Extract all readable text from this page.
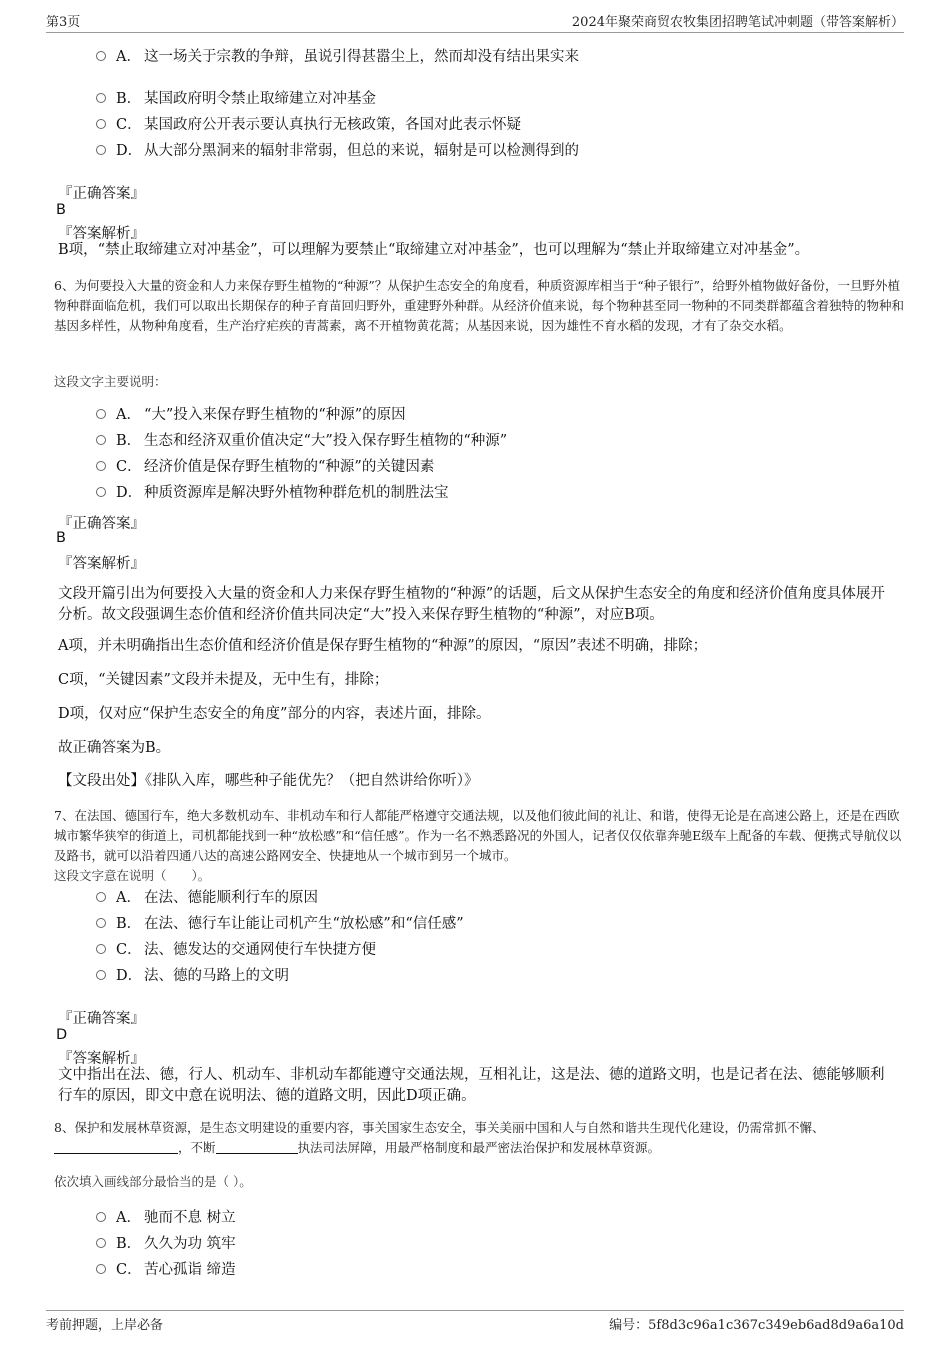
第3页	2024年聚荣商贸农牧集团招聘笔试冲刺题（带答案解析）
A． 这一场关于宗教的争辩，虽说引得甚嚣尘上，然而却没有结出果实来
B． 某国政府明令禁止取缔建立对冲基金
C． 某国政府公开表示要认真执行无核政策，各国对此表示怀疑
D． 从大部分黑洞来的辐射非常弱，但总的来说，辐射是可以检测得到的
『正确答案』
B
『答案解析』
B项，“禁止取缔建立对冲基金”，可以理解为要禁止“取缔建立对冲基金”，也可以理解为“禁止并取缔建立对冲基金”。
6、为何要投入大量的资金和人力来保存野生植物的“种源”？从保护生态安全的角度看，种质资源库相当于“种子银行”，给野外植物做好备份，一旦野外植物种群面临危机，我们可以取出长期保存的种子育苗回归野外，重建野外种群。从经济价值来说，每个物种甚至同一物种的不同类群都蕴含着独特的物种和基因多样性，从物种角度看，生产治疗疟疾的青蒿素，离不开植物黄花蒿；从基因来说，因为雄性不育水稻的发现，才有了杂交水稻。
这段文字主要说明：
A． “大”投入来保存野生植物的“种源”的原因
B． 生态和经济双重价值决定“大”投入保存野生植物的“种源”
C． 经济价值是保存野生植物的“种源”的关键因素
D． 种质资源库是解决野外植物种群危机的制胜法宝
『正确答案』
B
『答案解析』
文段开篇引出为何要投入大量的资金和人力来保存野生植物的“种源”的话题，后文从保护生态安全的角度和经济价值角度具体展开分析。故文段强调生态价值和经济价值共同决定“大”投入来保存野生植物的“种源”，对应B项。
A项，并未明确指出生态价值和经济价值是保存野生植物的“种源”的原因，“原因”表述不明确，排除；
C项，“关键因素”文段并未提及，无中生有，排除；
D项，仅对应“保护生态安全的角度”部分的内容，表述片面，排除。
故正确答案为B。
【文段出处】《排队入库，哪些种子能优先？（把自然讲给你听）》
7、在法国、德国行车，绝大多数机动车、非机动车和行人都能严格遵守交通法规，以及他们彼此间的礼让、和谐，使得无论是在高速公路上，还是在西欧城市繁华狭窄的街道上，司机都能找到一种“放松感”和“信任感”。作为一名不熟悉路况的外国人，记者仅仅依靠奔驰E级车上配备的车载、便携式导航仪以及路书，就可以沿着四通八达的高速公路网安全、快捷地从一个城市到另一个城市。
这段文字意在说明（　　）。
A． 在法、德能顺利行车的原因
B． 在法、德行车让能让司机产生“放松感”和“信任感”
C． 法、德发达的交通网使行车快捷方便
D． 法、德的马路上的文明
『正确答案』
D
『答案解析』
文中指出在法、德，行人、机动车、非机动车都能遵守交通法规，互相礼让，这是法、德的道路文明，也是记者在法、德能够顺利行车的原因，即文中意在说明法、德的道路文明，因此D项正确。
8、保护和发展林草资源，是生态文明建设的重要内容，事关国家生态安全，事关美丽中国和人与自然和谐共生现代化建设，仍需常抓不懈、，不断	执法司法屏障，用最严格制度和最严密法治保护和发展林草资源。
依次填入画线部分最恰当的是（ ）。
A． 驰而不息 树立
B． 久久为功 筑牢
C． 苦心孤诣 缔造
考前押题，上岸必备	编号：5f8d3c96a1c367c349eb6ad8d9a6a10d
